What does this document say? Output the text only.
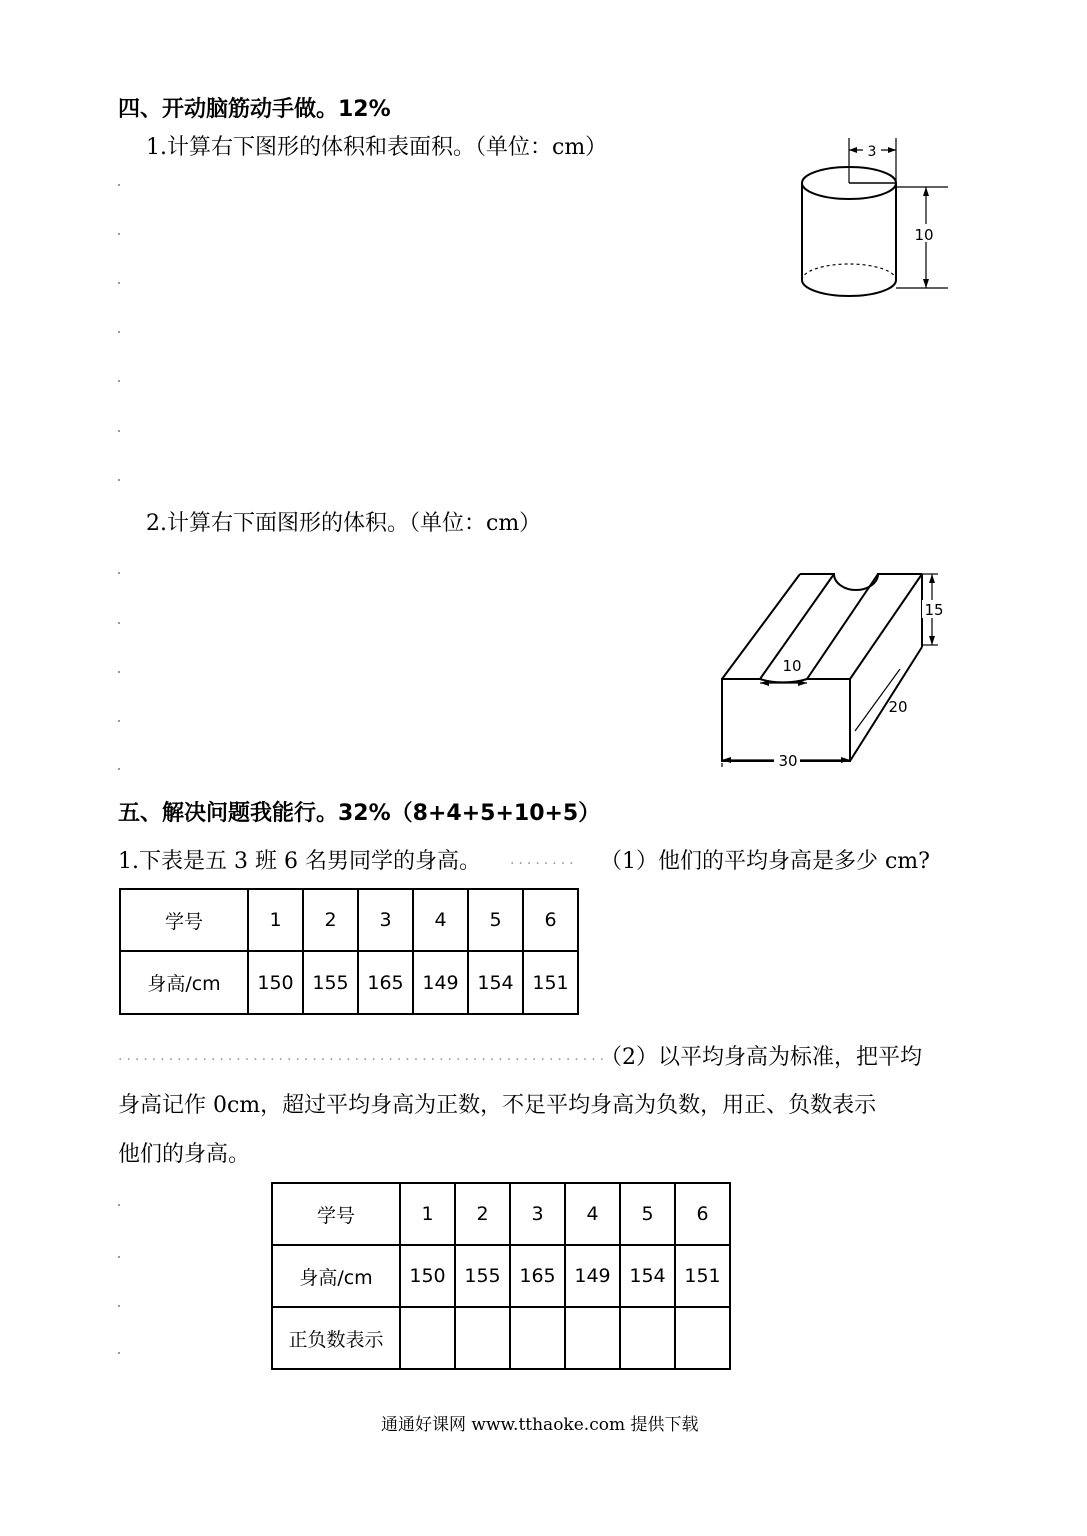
四、开动脑筋动手做。12%
1.计算右下图形的体积和表面积。（单位：cm）	3
10
2.计算右下面图形的体积。（单位：cm）
15
10
20
30
五、解决问题我能行。32%（8+4+5+10+5）
1.下表是五 3 班 6 名男同学的身高。 ........ （1）他们的平均身高是多少 cm?
学号	1	2	3	4	5	6
身高/cm	150	155	165	149	154	151
..........................................................
（2）以平均身高为标准，把平均
身高记作 0cm，超过平均身高为正数，不足平均身高为负数，用正、负数表示
他们的身高。
学号	1	2	3	4	5	6
身高/cm	150	155	165	149	154	151
正负数表示						
通通好课网 www.tthaoke.com 提供下载
